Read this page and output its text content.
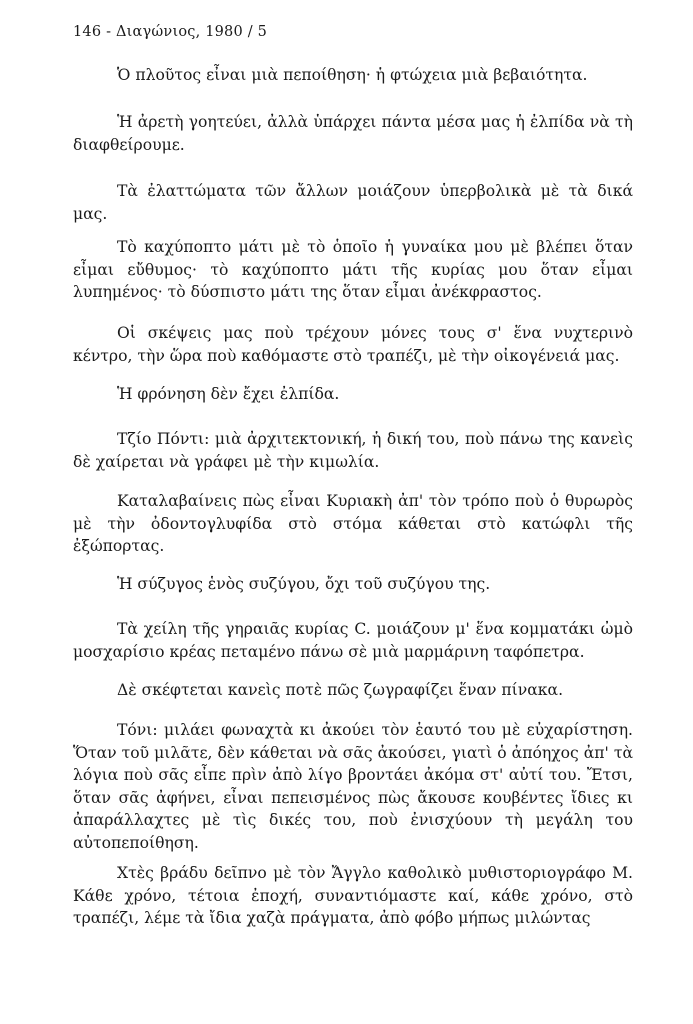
146 - Διαγώνιος, 1980 / 5

Ὁ πλοῦτος εἶναι μιὰ πεποίθηση· ἡ φτώχεια μιὰ βεβαιότητα.

Ἡ ἀρετὴ γοητεύει, ἀλλὰ ὑπάρχει πάντα μέσα μας ἡ ἐλπίδα νὰ τὴ διαφθείρουμε.

Τὰ ἐλαττώματα τῶν ἄλλων μοιάζουν ὑπερβολικὰ μὲ τὰ δικά μας.

Τὸ καχύποπτο μάτι μὲ τὸ ὁποῖο ἡ γυναίκα μου μὲ βλέπει ὅταν εἶμαι εὔθυμος· τὸ καχύποπτο μάτι τῆς κυρίας μου ὅταν εἶμαι λυπημένος· τὸ δύσπιστο μάτι της ὅταν εἶμαι ἀνέκφραστος.

Οἱ σκέψεις μας ποὺ τρέχουν μόνες τους σ' ἕνα νυχτερινὸ κέντρο, τὴν ὥρα ποὺ καθόμαστε στὸ τραπέζι, μὲ τὴν οἰκογένειά μας.

Ἡ φρόνηση δὲν ἔχει ἐλπίδα.

Τζίο Πόντι: μιὰ ἀρχιτεκτονική, ἡ δική του, ποὺ πάνω της κανεὶς δὲ χαίρεται νὰ γράφει μὲ τὴν κιμωλία.

Καταλαβαίνεις πὼς εἶναι Κυριακὴ ἀπ' τὸν τρόπο ποὺ ὁ θυρωρὸς μὲ τὴν ὀδοντογλυφίδα στὸ στόμα κάθεται στὸ κατώφλι τῆς ἐξώπορτας.

Ἡ σύζυγος ἑνὸς συζύγου, ὄχι τοῦ συζύγου της.

Τὰ χείλη τῆς γηραιᾶς κυρίας C. μοιάζουν μ' ἕνα κομματάκι ὠμὸ μοσχαρίσιο κρέας πεταμένο πάνω σὲ μιὰ μαρμάρινη ταφόπετρα.

Δὲ σκέφτεται κανεὶς ποτὲ πῶς ζωγραφίζει ἕναν πίνακα.

Τόνι: μιλάει φωναχτὰ κι ἀκούει τὸν ἑαυτό του μὲ εὐχαρίστηση. Ὅταν τοῦ μιλᾶτε, δὲν κάθεται νὰ σᾶς ἀκούσει, γιατὶ ὁ ἀπόηχος ἀπ' τὰ λόγια ποὺ σᾶς εἶπε πρὶν ἀπὸ λίγο βροντάει ἀκόμα στ' αὐτί του. Ἔτσι, ὅταν σᾶς ἀφήνει, εἶναι πεπεισμένος πὼς ἄκουσε κουβέντες ἴδιες κι ἀπαράλλαχτες μὲ τὶς δικές του, ποὺ ἐνισχύουν τὴ μεγάλη του αὐτοπεποίθηση.

Χτὲς βράδυ δεῖπνο μὲ τὸν Ἄγγλο καθολικὸ μυθιστοριογράφο Μ. Κάθε χρόνο, τέτοια ἐποχή, συναντιόμαστε καί, κάθε χρόνο, στὸ τραπέζι, λέμε τὰ ἴδια χαζὰ πράγματα, ἀπὸ φόβο μήπως μιλώντας
